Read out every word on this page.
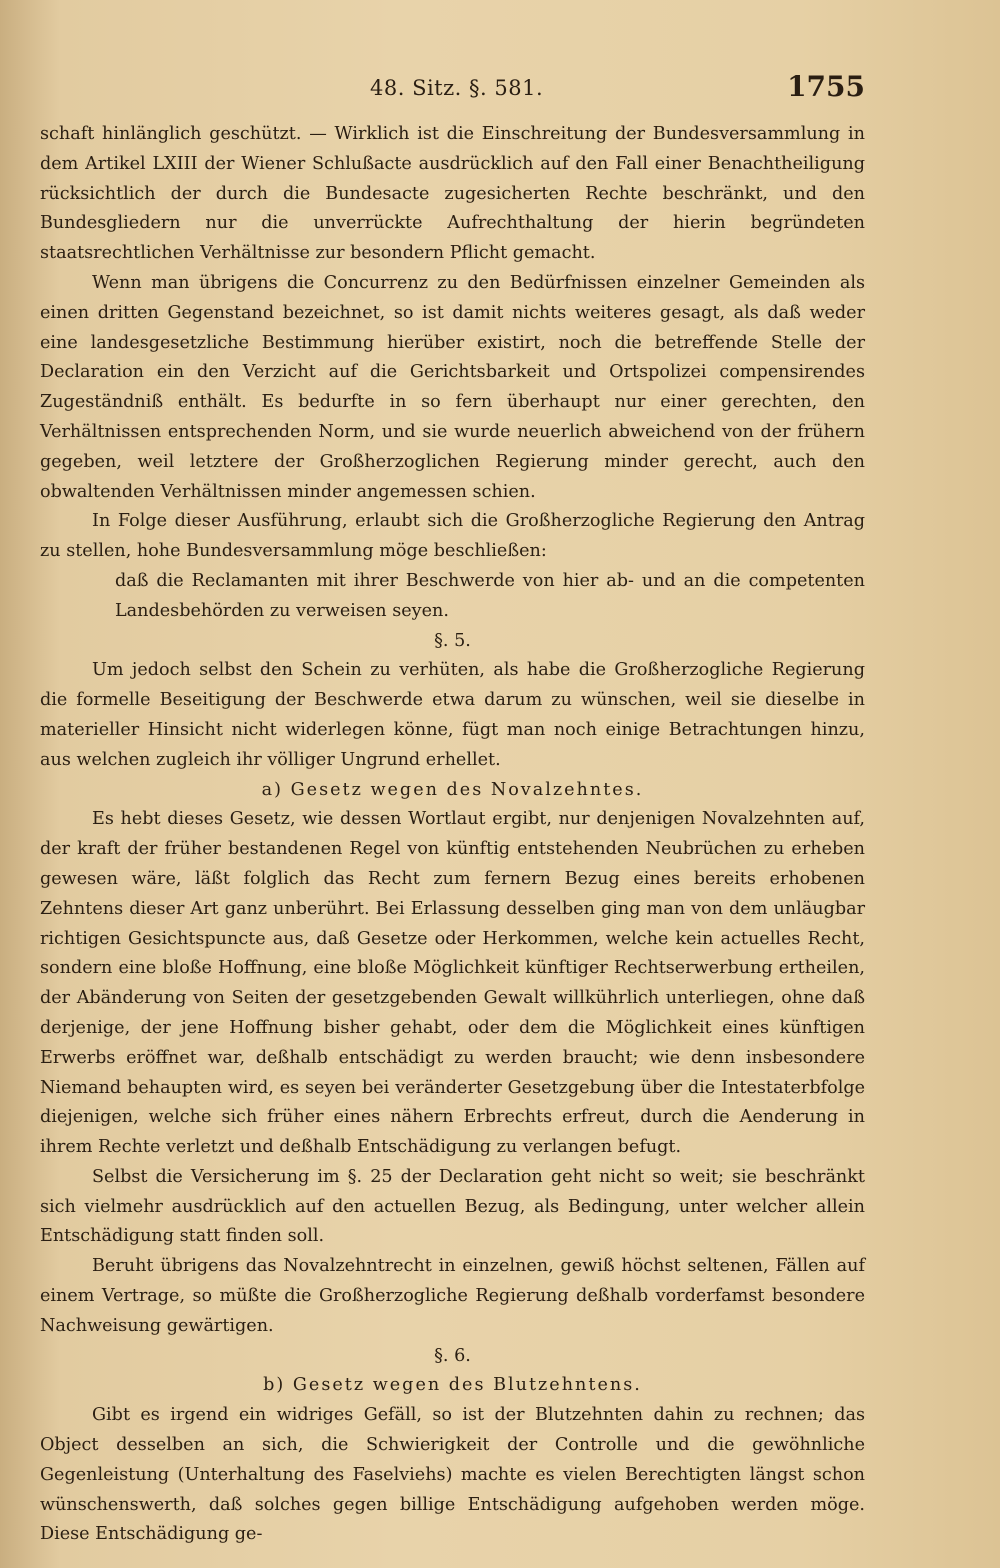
48. Sitz. §. 581.	1755

schaft hinlänglich geschützt. — Wirklich ist die Einschreitung der Bundesversammlung in dem Artikel LXIII der Wiener Schlußacte ausdrücklich auf den Fall einer Benachtheiligung rücksichtlich der durch die Bundesacte zugesicherten Rechte beschränkt, und den Bundesgliedern nur die unverrückte Aufrechthaltung der hierin begründeten staatsrechtlichen Verhältnisse zur besondern Pflicht gemacht.

Wenn man übrigens die Concurrenz zu den Bedürfnissen einzelner Gemeinden als einen dritten Gegenstand bezeichnet, so ist damit nichts weiteres gesagt, als daß weder eine landesgesetzliche Bestimmung hierüber existirt, noch die betreffende Stelle der Declaration ein den Verzicht auf die Gerichtsbarkeit und Ortspolizei compensirendes Zugeständniß enthält. Es bedurfte in so fern überhaupt nur einer gerechten, den Verhältnissen entsprechenden Norm, und sie wurde neuerlich abweichend von der frühern gegeben, weil letztere der Großherzoglichen Regierung minder gerecht, auch den obwaltenden Verhältnissen minder angemessen schien.

In Folge dieser Ausführung, erlaubt sich die Großherzogliche Regierung den Antrag zu stellen, hohe Bundesversammlung möge beschließen:

daß die Reclamanten mit ihrer Beschwerde von hier ab- und an die competenten Landesbehörden zu verweisen seyen.

§. 5.

Um jedoch selbst den Schein zu verhüten, als habe die Großherzogliche Regierung die formelle Beseitigung der Beschwerde etwa darum zu wünschen, weil sie dieselbe in materieller Hinsicht nicht widerlegen könne, fügt man noch einige Betrachtungen hinzu, aus welchen zugleich ihr völliger Ungrund erhellet.

a) Gesetz wegen des Novalzehntes.

Es hebt dieses Gesetz, wie dessen Wortlaut ergibt, nur denjenigen Novalzehnten auf, der kraft der früher bestandenen Regel von künftig entstehenden Neubrüchen zu erheben gewesen wäre, läßt folglich das Recht zum fernern Bezug eines bereits erhobenen Zehntens dieser Art ganz unberührt. Bei Erlassung desselben ging man von dem unläugbar richtigen Gesichtspuncte aus, daß Gesetze oder Herkommen, welche kein actuelles Recht, sondern eine bloße Hoffnung, eine bloße Möglichkeit künftiger Rechtserwerbung ertheilen, der Abänderung von Seiten der gesetzgebenden Gewalt willkührlich unterliegen, ohne daß derjenige, der jene Hoffnung bisher gehabt, oder dem die Möglichkeit eines künftigen Erwerbs eröffnet war, deßhalb entschädigt zu werden braucht; wie denn insbesondere Niemand behaupten wird, es seyen bei veränderter Gesetzgebung über die Intestaterbfolge diejenigen, welche sich früher eines nähern Erbrechts erfreut, durch die Aenderung in ihrem Rechte verletzt und deßhalb Entschädigung zu verlangen befugt.

Selbst die Versicherung im §. 25 der Declaration geht nicht so weit; sie beschränkt sich vielmehr ausdrücklich auf den actuellen Bezug, als Bedingung, unter welcher allein Entschädigung statt finden soll.

Beruht übrigens das Novalzehntrecht in einzelnen, gewiß höchst seltenen, Fällen auf einem Vertrage, so müßte die Großherzogliche Regierung deßhalb vorderfamst besondere Nachweisung gewärtigen.

§. 6.

b) Gesetz wegen des Blutzehntens.

Gibt es irgend ein widriges Gefäll, so ist der Blutzehnten dahin zu rechnen; das Object desselben an sich, die Schwierigkeit der Controlle und die gewöhnliche Gegenleistung (Unterhaltung des Faselviehs) machte es vielen Berechtigten längst schon wünschenswerth, daß solches gegen billige Entschädigung aufgehoben werden möge. Diese Entschädigung ge-
